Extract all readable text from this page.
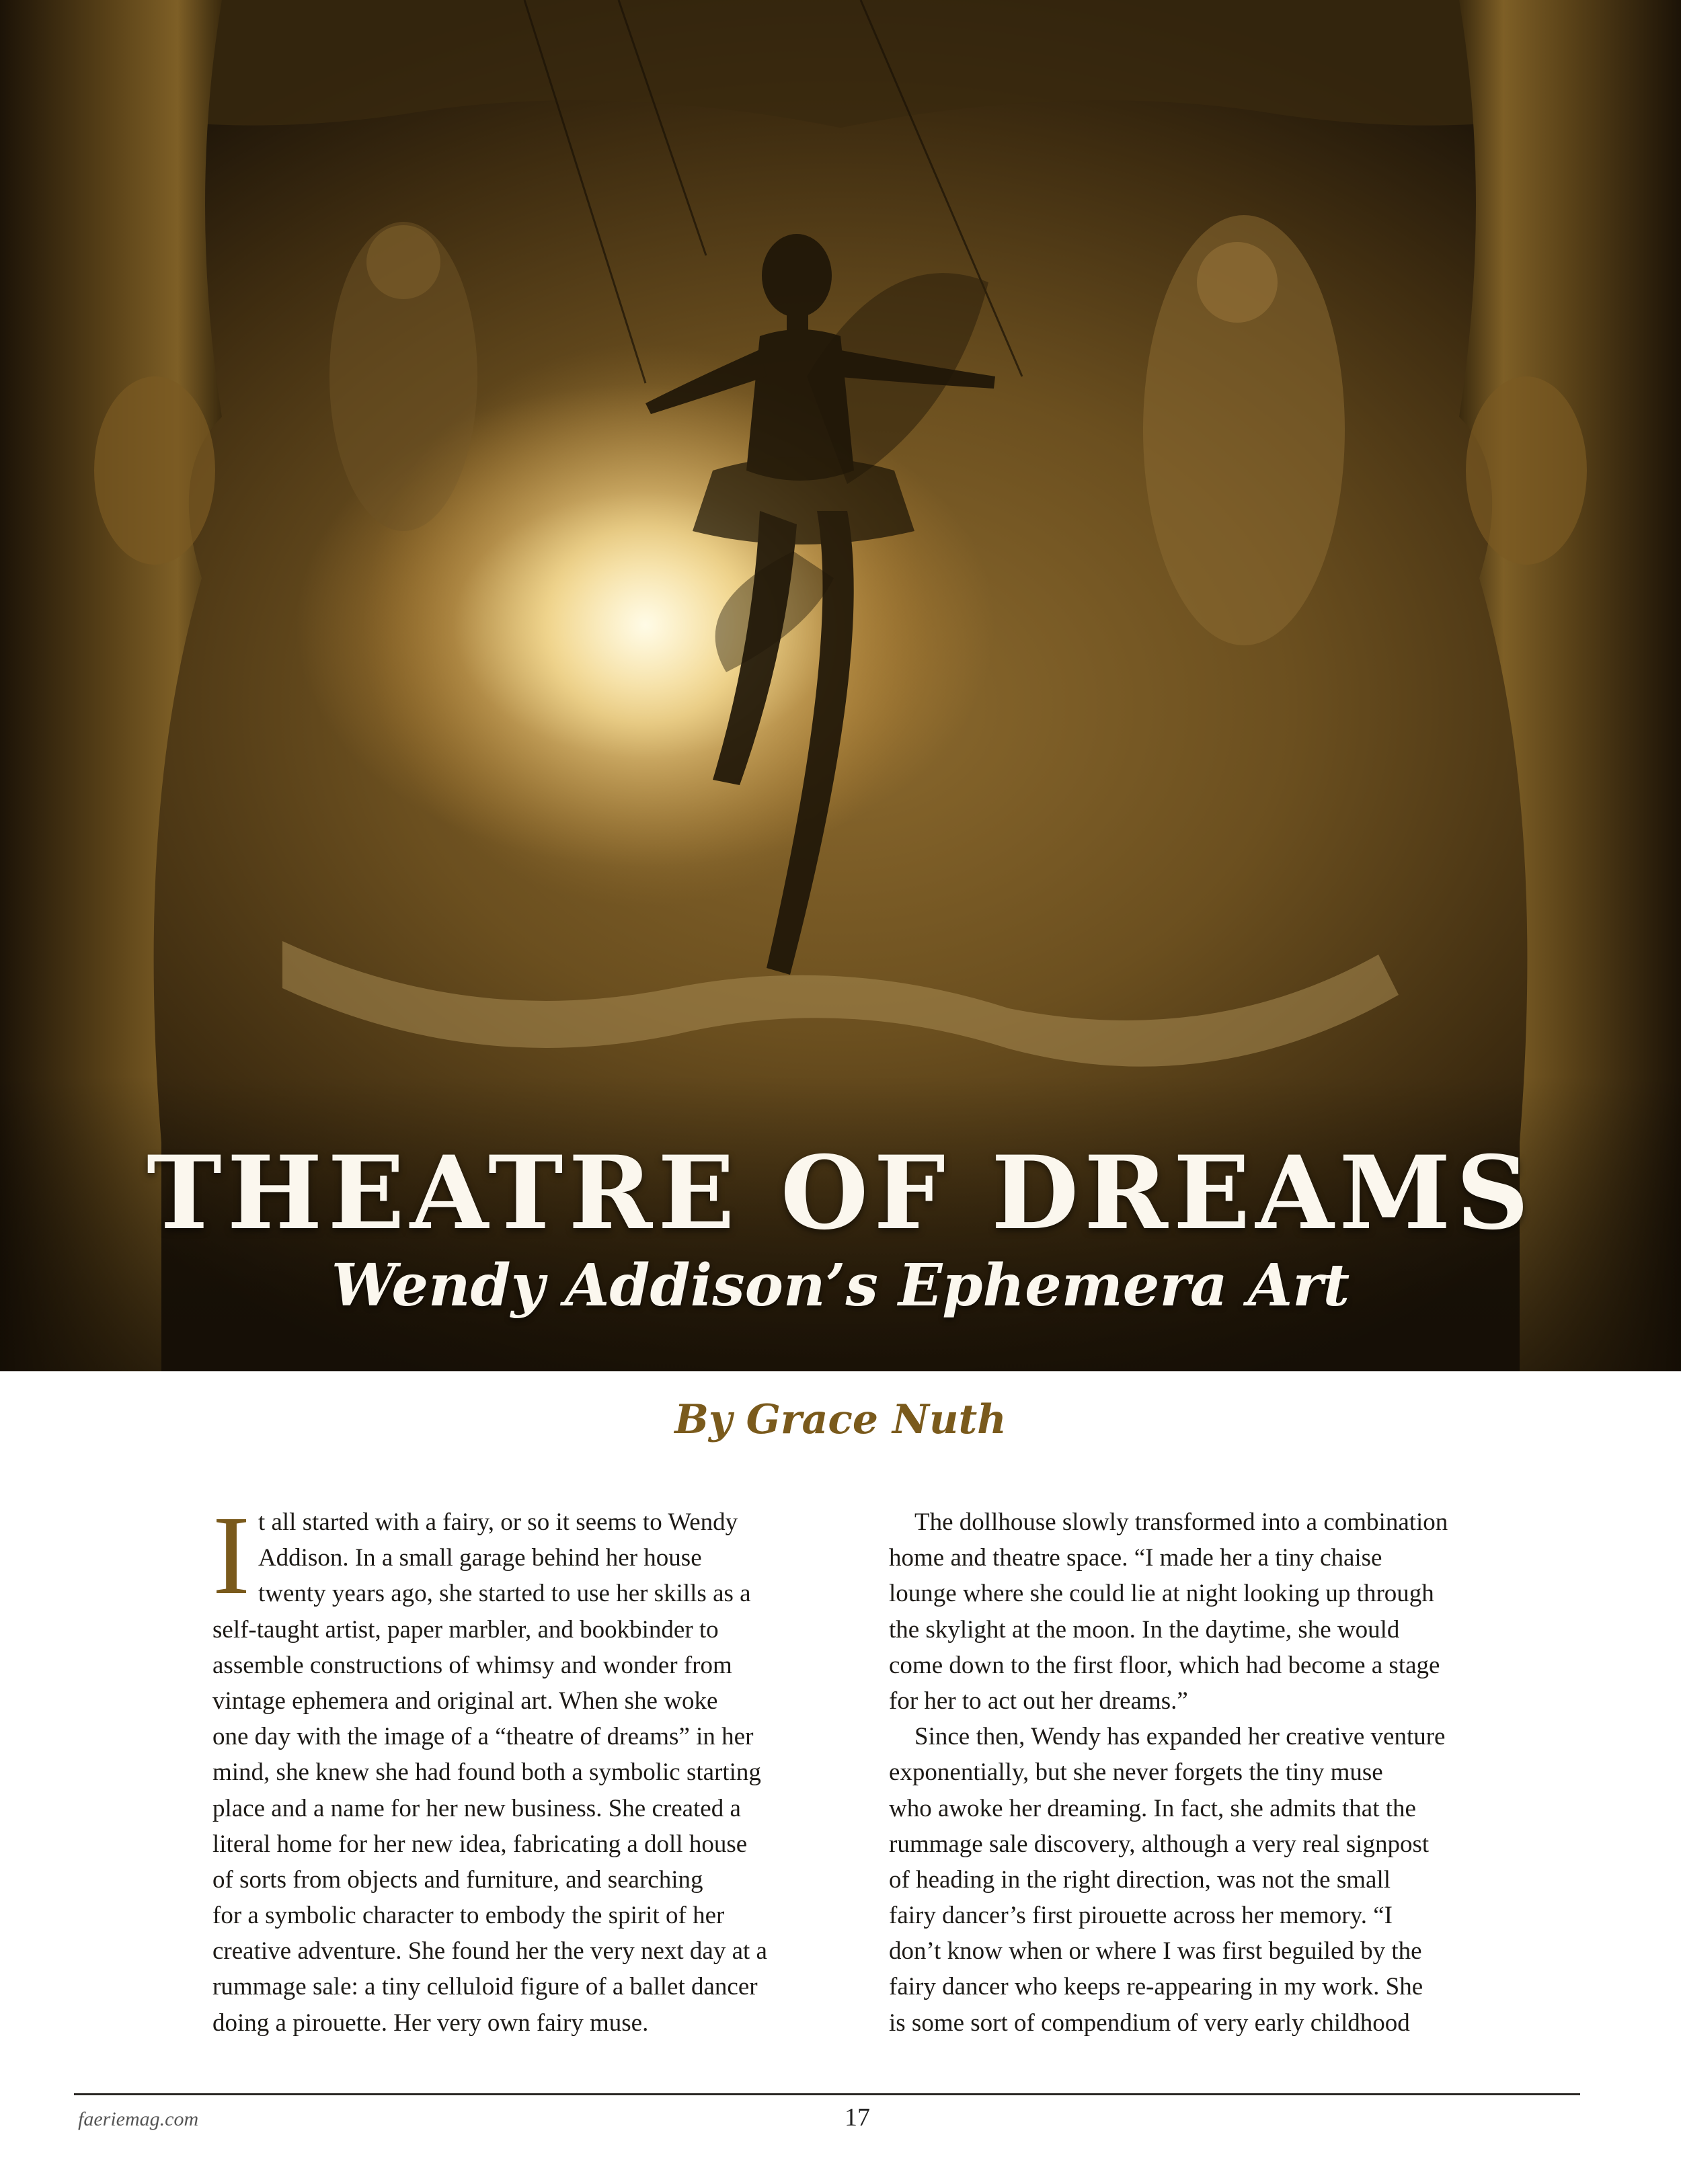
THEATRE OF DREAMS
Wendy Addison’s Ephemera Art
By Grace Nuth
I t all started with a fairy, or so it seems to Wendy
Addison. In a small garage behind her house
twenty years ago, she started to use her skills as a
self-taught artist, paper marbler, and bookbinder to
assemble constructions of whimsy and wonder from
vintage ephemera and original art. When she woke
one day with the image of a “theatre of dreams” in her
mind, she knew she had found both a symbolic starting
place and a name for her new business. She created a
literal home for her new idea, fabricating a doll house
of sorts from objects and furniture, and searching
for a symbolic character to embody the spirit of her
creative adventure. She found her the very next day at a
rummage sale: a tiny celluloid figure of a ballet dancer
doing a pirouette. Her very own fairy muse.
The dollhouse slowly transformed into a combination
home and theatre space. “I made her a tiny chaise
lounge where she could lie at night looking up through
the skylight at the moon. In the daytime, she would
come down to the first floor, which had become a stage
for her to act out her dreams.”
Since then, Wendy has expanded her creative venture
exponentially, but she never forgets the tiny muse
who awoke her dreaming. In fact, she admits that the
rummage sale discovery, although a very real signpost
of heading in the right direction, was not the small
fairy dancer’s first pirouette across her memory. “I
don’t know when or where I was first beguiled by the
fairy dancer who keeps re-appearing in my work. She
is some sort of compendium of very early childhood
faeriemag.com	17
